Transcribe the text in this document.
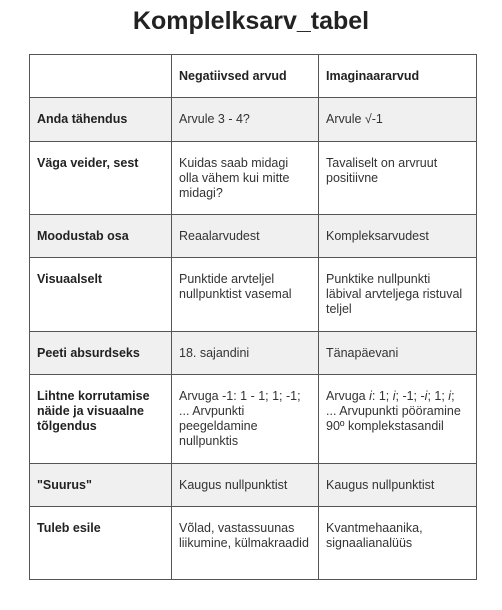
Komplelksarv_tabel
	Negatiivsed arvud	Imaginaararvud
Anda tähendus	Arvule 3 - 4?	Arvule √-1
Väga veider, sest	Kuidas saab midagi olla vähem kui mitte midagi?	Tavaliselt on arvruut positiivne
Moodustab osa	Reaalarvudest	Kompleksarvudest
Visuaalselt	Punktide arvteljel nullpunktist vasemal	Punktike nullpunkti läbival arvteljega ristuval teljel
Peeti absurdseks	18. sajandini	Tänapäevani
Lihtne korrutamise näide ja visuaalne tõlgendus	Arvuga -1: 1 - 1; 1; -1; ... Arvpunkti peegeldamine nullpunktis	Arvuga i: 1; i; -1; -i; 1; i; ... Arvupunkti pööramine 90º komplekstasandil
"Suurus"	Kaugus nullpunktist	Kaugus nullpunktist
Tuleb esile	Võlad, vastassuunas liikumine, külmakraadid	Kvantmehaanika, signaalianalüüs
